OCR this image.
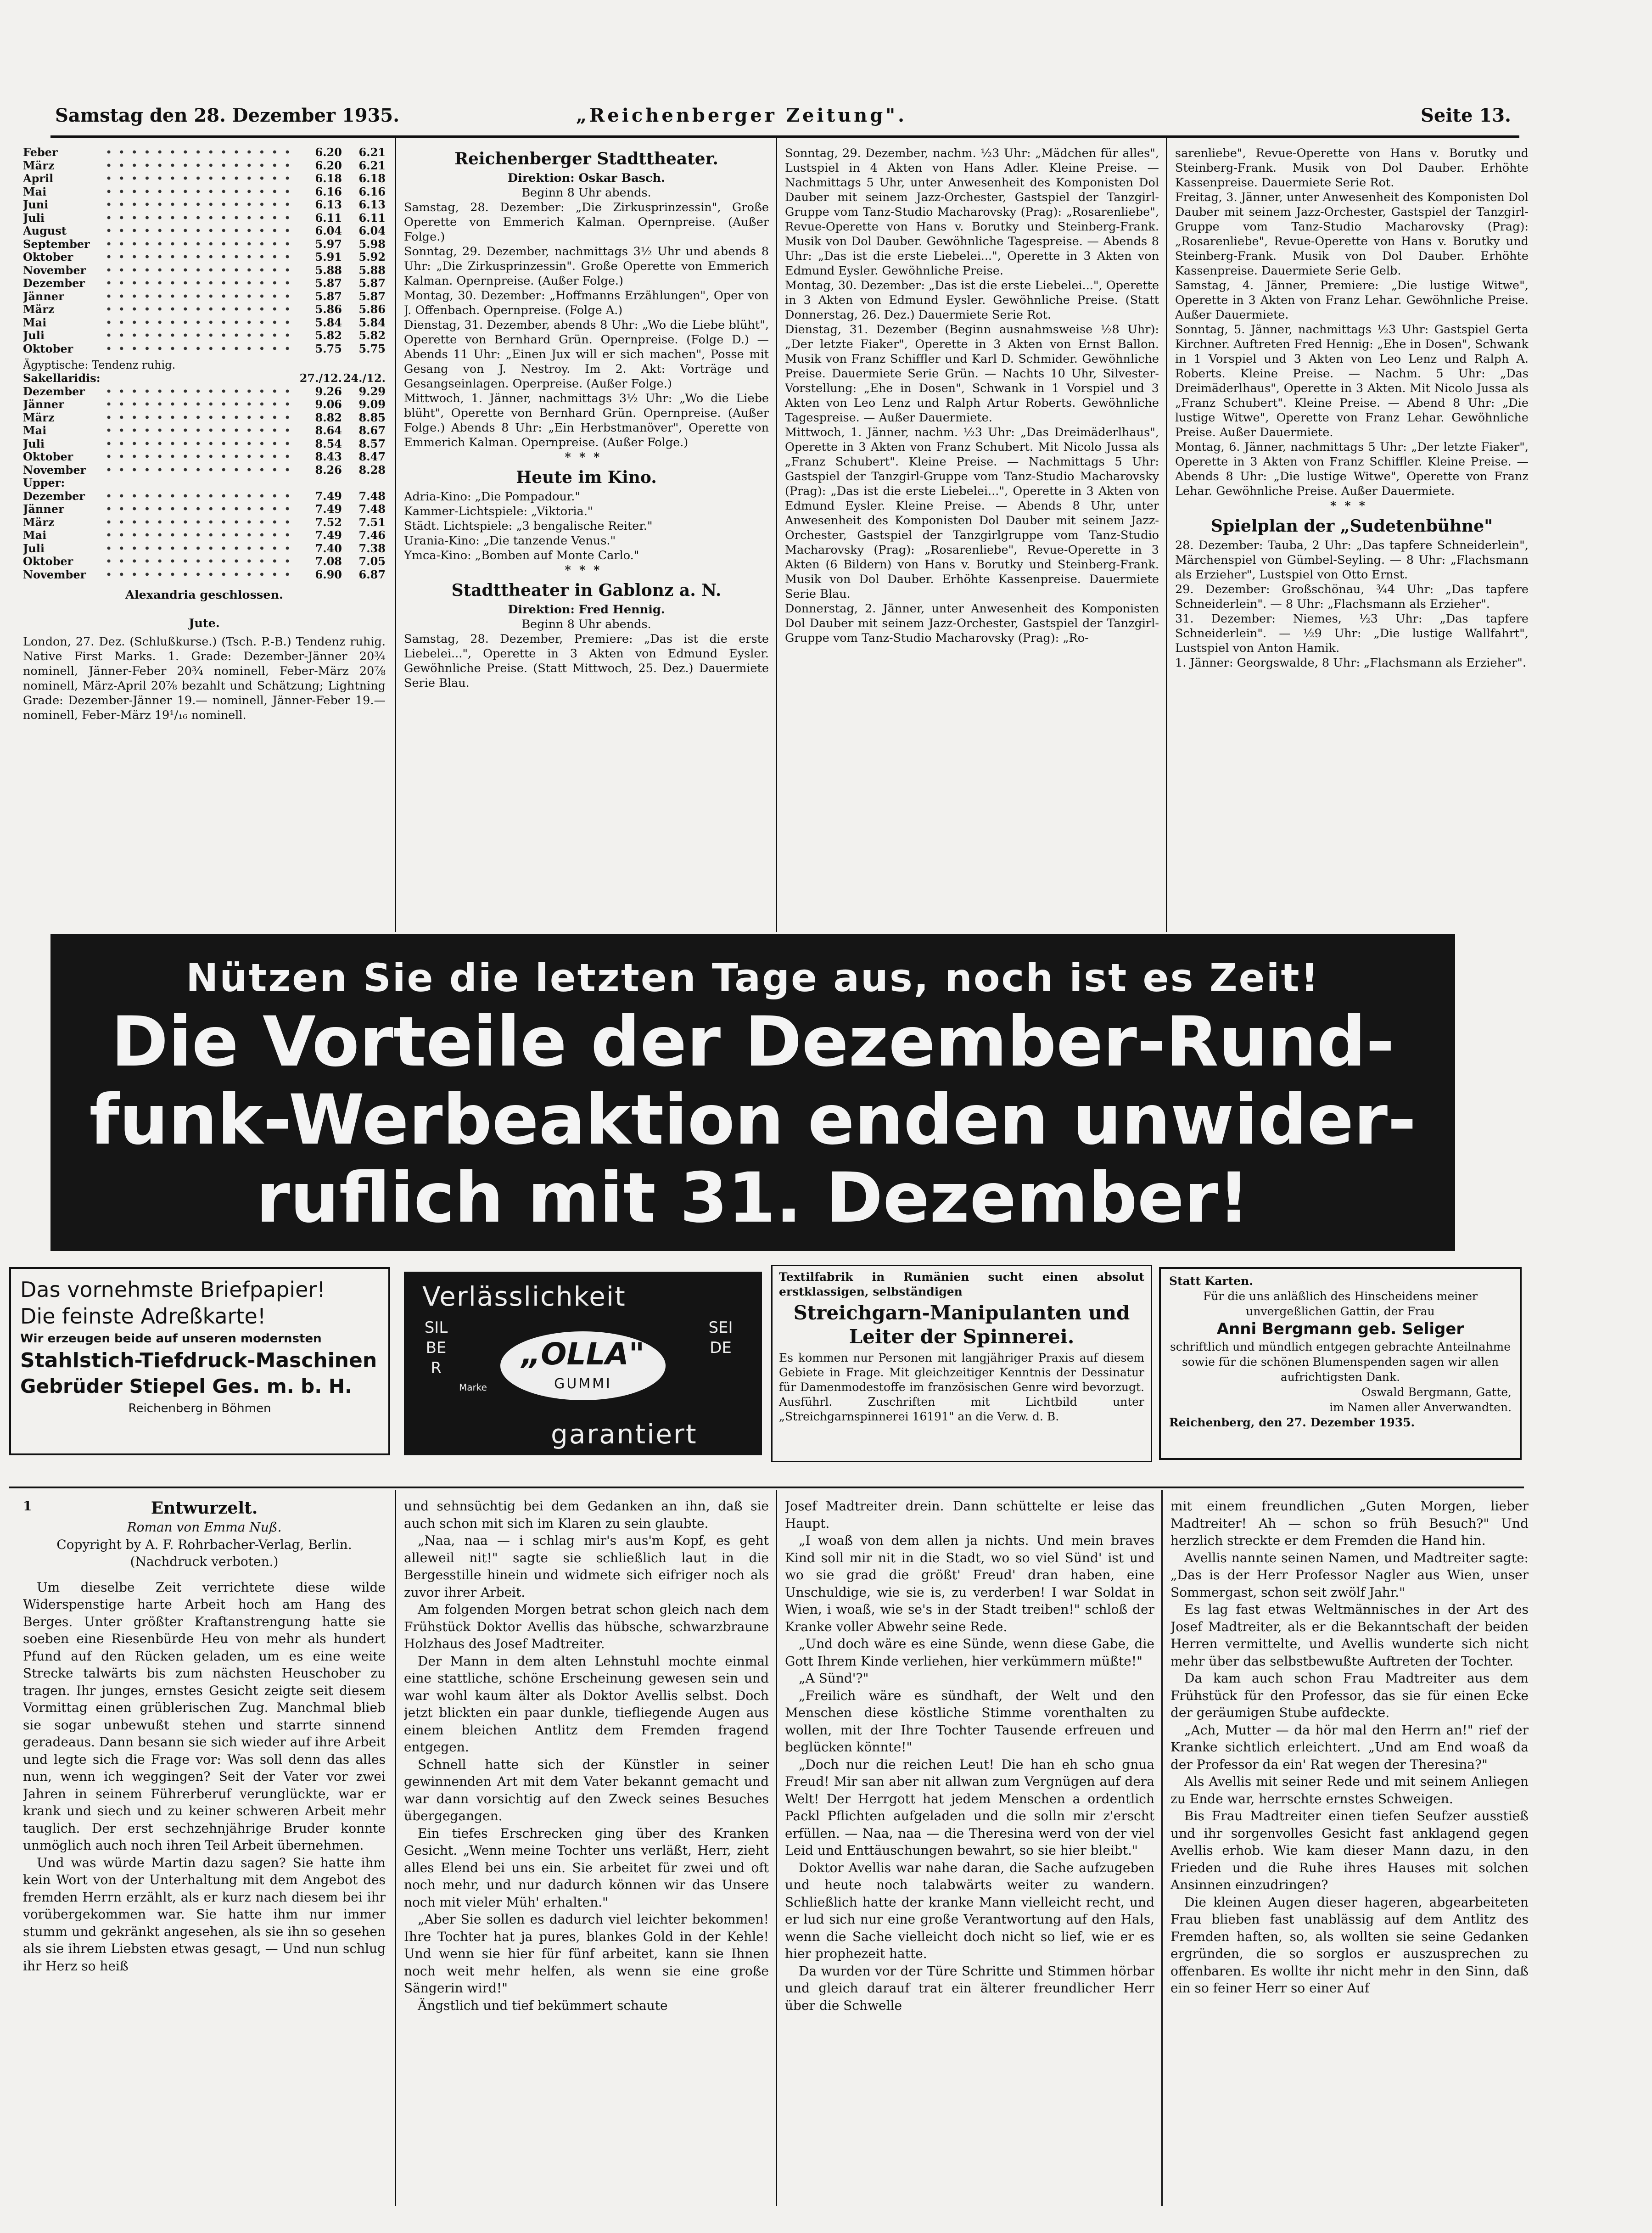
Samstag den 28. Dezember 1935.	„Reichenberger Zeitung".	Seite 13.
Feber • • •	6.20	6.21
März • • •	6.20	6.21
April • • •	6.18	6.18
Mai • • •	6.16	6.16
Juni • • •	6.13	6.13
Juli • • •	6.11	6.11
August • • •	6.04	6.04
September • • •	5.97	5.98
Oktober • • •	5.91	5.92
November • • •	5.88	5.88
Dezember • • •	5.87	5.87
Jänner • • •	5.87	5.87
März • • •	5.86	5.86
Mai • • •	5.84	5.84
Juli • • •	5.82	5.82
Oktober • • •	5.75	5.75
Ägyptische: Tendenz ruhig.
Sakellaridis:	27./12. 24./12.
Dezember • • •	9.26	9.29
Jänner • • •	9.06	9.09
März • • •	8.82	8.85
Mai • • •	8.64	8.67
Juli • • •	8.54	8.57
Oktober • • •	8.43	8.47
November • • •	8.26	8.28
Upper:
Dezember • • •	7.49	7.48
Jänner • • •	7.49	7.48
März • • •	7.52	7.51
Mai • • •	7.49	7.46
Juli • • •	7.40	7.38
Oktober • • •	7.08	7.05
November • • •	6.90	6.87
Alexandria geschlossen.
Jute.

London, 27. Dez. (Schlußkurse.) (Tsch. P.-B.) Tendenz ruhig. Native First Marks. 1. Grade: Dezember-Jänner 20¾ nominell, Jänner-Feber 20¾ nominell, Feber-März 20⅞ nominell, März-April 20⅞ bezahlt und Schätzung; Lightning Grade: Dezember-Jänner 19.— nominell, Jänner-Feber 19.— nominell, Feber-März 19¹/₁₆ nominell.

Reichenberger Stadttheater.
Direktion: Oskar Basch.
Beginn 8 Uhr abends.

Samstag, 28. Dezember: „Die Zirkusprinzessin", Große Operette von Emmerich Kalman. Opernpreise. (Außer Folge.)

Sonntag, 29. Dezember, nachmittags 3½ Uhr und abends 8 Uhr: „Die Zirkusprinzessin". Große Operette von Emmerich Kalman. Opernpreise. (Außer Folge.)

Montag, 30. Dezember: „Hoffmanns Erzählungen", Oper von J. Offenbach. Opernpreise. (Folge A.)

Dienstag, 31. Dezember, abends 8 Uhr: „Wo die Liebe blüht", Operette von Bernhard Grün. Opernpreise. (Folge D.) — Abends 11 Uhr: „Einen Jux will er sich machen", Posse mit Gesang von J. Nestroy. Im 2. Akt: Vorträge und Gesangseinlagen. Operpreise. (Außer Folge.)

Mittwoch, 1. Jänner, nachmittags 3½ Uhr: „Wo die Liebe blüht", Operette von Bernhard Grün. Opernpreise. (Außer Folge.) Abends 8 Uhr: „Ein Herbstmanöver", Operette von Emmerich Kalman. Opernpreise. (Außer Folge.)

***
Heute im Kino.

Adria-Kino: „Die Pompadour."

Kammer-Lichtspiele: „Viktoria."

Städt. Lichtspiele: „3 bengalische Reiter."

Urania-Kino: „Die tanzende Venus."

Ymca-Kino: „Bomben auf Monte Carlo."

***
Stadttheater in Gablonz a. N.
Direktion: Fred Hennig.
Beginn 8 Uhr abends.

Samstag, 28. Dezember, Premiere: „Das ist die erste Liebelei...", Operette in 3 Akten von Edmund Eysler. Gewöhnliche Preise. (Statt Mittwoch, 25. Dez.) Dauermiete Serie Blau.

Sonntag, 29. Dezember, nachm. ½3 Uhr: „Mädchen für alles", Lustspiel in 4 Akten von Hans Adler. Kleine Preise. — Nachmittags 5 Uhr, unter Anwesenheit des Komponisten Dol Dauber mit seinem Jazz-Orchester, Gastspiel der Tanzgirl-Gruppe vom Tanz-Studio Macharovsky (Prag): „Rosarenliebe", Revue-Operette von Hans v. Borutky und Steinberg-Frank. Musik von Dol Dauber. Gewöhnliche Tagespreise. — Abends 8 Uhr: „Das ist die erste Liebelei...", Operette in 3 Akten von Edmund Eysler. Gewöhnliche Preise.

Montag, 30. Dezember: „Das ist die erste Liebelei...", Operette in 3 Akten von Edmund Eysler. Gewöhnliche Preise. (Statt Donnerstag, 26. Dez.) Dauermiete Serie Rot.

Dienstag, 31. Dezember (Beginn ausnahmsweise ½8 Uhr): „Der letzte Fiaker", Operette in 3 Akten von Ernst Ballon. Musik von Franz Schiffler und Karl D. Schmider. Gewöhnliche Preise. Dauermiete Serie Grün. — Nachts 10 Uhr, Silvester-Vorstellung: „Ehe in Dosen", Schwank in 1 Vorspiel und 3 Akten von Leo Lenz und Ralph Artur Roberts. Gewöhnliche Tagespreise. — Außer Dauermiete.

Mittwoch, 1. Jänner, nachm. ½3 Uhr: „Das Dreimäderlhaus", Operette in 3 Akten von Franz Schubert. Mit Nicolo Jussa als „Franz Schubert". Kleine Preise. — Nachmittags 5 Uhr: Gastspiel der Tanzgirl-Gruppe vom Tanz-Studio Macharovsky (Prag): „Das ist die erste Liebelei...", Operette in 3 Akten von Edmund Eysler. Kleine Preise. — Abends 8 Uhr, unter Anwesenheit des Komponisten Dol Dauber mit seinem Jazz-Orchester, Gastspiel der Tanzgirlgruppe vom Tanz-Studio Macharovsky (Prag): „Rosarenliebe", Revue-Operette in 3 Akten (6 Bildern) von Hans v. Borutky und Steinberg-Frank. Musik von Dol Dauber. Erhöhte Kassenpreise. Dauermiete Serie Blau.

Donnerstag, 2. Jänner, unter Anwesenheit des Komponisten Dol Dauber mit seinem Jazz-Orchester, Gastspiel der Tanzgirl-Gruppe vom Tanz-Studio Macharovsky (Prag): „Ro-

sarenliebe", Revue-Operette von Hans v. Borutky und Steinberg-Frank. Musik von Dol Dauber. Erhöhte Kassenpreise. Dauermiete Serie Rot.

Freitag, 3. Jänner, unter Anwesenheit des Komponisten Dol Dauber mit seinem Jazz-Orchester, Gastspiel der Tanzgirl-Gruppe vom Tanz-Studio Macharovsky (Prag): „Rosarenliebe", Revue-Operette von Hans v. Borutky und Steinberg-Frank. Musik von Dol Dauber. Erhöhte Kassenpreise. Dauermiete Serie Gelb.

Samstag, 4. Jänner, Premiere: „Die lustige Witwe", Operette in 3 Akten von Franz Lehar. Gewöhnliche Preise. Außer Dauermiete.

Sonntag, 5. Jänner, nachmittags ½3 Uhr: Gastspiel Gerta Kirchner. Auftreten Fred Hennig: „Ehe in Dosen", Schwank in 1 Vorspiel und 3 Akten von Leo Lenz und Ralph A. Roberts. Kleine Preise. — Nachm. 5 Uhr: „Das Dreimäderlhaus", Operette in 3 Akten. Mit Nicolo Jussa als „Franz Schubert". Kleine Preise. — Abend 8 Uhr: „Die lustige Witwe", Operette von Franz Lehar. Gewöhnliche Preise. Außer Dauermiete.

Montag, 6. Jänner, nachmittags 5 Uhr: „Der letzte Fiaker", Operette in 3 Akten von Franz Schiffler. Kleine Preise. — Abends 8 Uhr: „Die lustige Witwe", Operette von Franz Lehar. Gewöhnliche Preise. Außer Dauermiete.

***
Spielplan der „Sudetenbühne"

28. Dezember: Tauba, 2 Uhr: „Das tapfere Schneiderlein", Märchenspiel von Gümbel-Seyling. — 8 Uhr: „Flachsmann als Erzieher", Lustspiel von Otto Ernst.

29. Dezember: Großschönau, ¾4 Uhr: „Das tapfere Schneiderlein". — 8 Uhr: „Flachsmann als Erzieher".

31. Dezember: Niemes, ½3 Uhr: „Das tapfere Schneiderlein". — ½9 Uhr: „Die lustige Wallfahrt", Lustspiel von Anton Hamik.

1. Jänner: Georgswalde, 8 Uhr: „Flachsmann als Erzieher".

Nützen Sie die letzten Tage aus, noch ist es Zeit!
Die Vorteile der Dezember-Rund-
funk-Werbeaktion enden unwider-
ruflich mit 31. Dezember!
Das vornehmste Briefpapier!
Die feinste Adreßkarte!
Wir erzeugen beide auf unseren modernsten
Stahlstich-Tiefdruck-Maschinen
Gebrüder Stiepel Ges. m. b. H.
Reichenberg in Böhmen
Verlässlichkeit
SILBER	„OLLA"
GUMMI
Marke
SEIDE
garantiert

Textilfabrik in Rumänien sucht einen absolut erstklassigen, selbständigen

Streichgarn-Manipulanten und Leiter der Spinnerei.

Es kommen nur Personen mit langjähriger Praxis auf diesem Gebiete in Frage. Mit gleichzeitiger Kenntnis der Dessinatur für Damenmodestoffe im französischen Genre wird bevorzugt. Ausführl. Zuschriften mit Lichtbild unter „Streichgarnspinnerei 16191" an die Verw. d. B.

Statt Karten.
Für die uns anläßlich des Hinscheidens meiner unvergeßlichen Gattin, der Frau
Anni Bergmann geb. Seliger
schriftlich und mündlich entgegen gebrachte Anteilnahme sowie für die schönen Blumenspenden sagen wir allen aufrichtigsten Dank.
Oswald Bergmann, Gatte,
im Namen aller Anverwandten.
Reichenberg, den 27. Dezember 1935.
1	Entwurzelt.
Roman von Emma Nuß.
Copyright by A. F. Rohrbacher-Verlag, Berlin.
(Nachdruck verboten.)

Um dieselbe Zeit verrichtete diese wilde Widerspenstige harte Arbeit hoch am Hang des Berges. Unter größter Kraftanstrengung hatte sie soeben eine Riesenbürde Heu von mehr als hundert Pfund auf den Rücken geladen, um es eine weite Strecke talwärts bis zum nächsten Heuschober zu tragen. Ihr junges, ernstes Gesicht zeigte seit diesem Vormittag einen grüblerischen Zug. Manchmal blieb sie sogar unbewußt stehen und starrte sinnend geradeaus. Dann besann sie sich wieder auf ihre Arbeit und legte sich die Frage vor: Was soll denn das alles nun, wenn ich weggingen? Seit der Vater vor zwei Jahren in seinem Führerberuf verunglückte, war er krank und siech und zu keiner schweren Arbeit mehr tauglich. Der erst sechzehnjährige Bruder konnte unmöglich auch noch ihren Teil Arbeit übernehmen.

Und was würde Martin dazu sagen? Sie hatte ihm kein Wort von der Unterhaltung mit dem Angebot des fremden Herrn erzählt, als er kurz nach diesem bei ihr vorübergekommen war. Sie hatte ihm nur immer stumm und gekränkt angesehen, als sie ihn so gesehen als sie ihrem Liebsten etwas gesagt, — Und nun schlug ihr Herz so heiß

und sehnsüchtig bei dem Gedanken an ihn, daß sie auch schon mit sich im Klaren zu sein glaubte.

„Naa, naa — i schlag mir's aus'm Kopf, es geht alleweil nit!" sagte sie schließlich laut in die Bergesstille hinein und widmete sich eifriger noch als zuvor ihrer Arbeit.

Am folgenden Morgen betrat schon gleich nach dem Frühstück Doktor Avellis das hübsche, schwarzbraune Holzhaus des Josef Madtreiter.

Der Mann in dem alten Lehnstuhl mochte einmal eine stattliche, schöne Erscheinung gewesen sein und war wohl kaum älter als Doktor Avellis selbst. Doch jetzt blickten ein paar dunkle, tiefliegende Augen aus einem bleichen Antlitz dem Fremden fragend entgegen.

Schnell hatte sich der Künstler in seiner gewinnenden Art mit dem Vater bekannt gemacht und war dann vorsichtig auf den Zweck seines Besuches übergegangen.

Ein tiefes Erschrecken ging über des Kranken Gesicht. „Wenn meine Tochter uns verläßt, Herr, zieht alles Elend bei uns ein. Sie arbeitet für zwei und oft noch mehr, und nur dadurch können wir das Unsere noch mit vieler Müh' erhalten."

„Aber Sie sollen es dadurch viel leichter bekommen! Ihre Tochter hat ja pures, blankes Gold in der Kehle! Und wenn sie hier für fünf arbeitet, kann sie Ihnen noch weit mehr helfen, als wenn sie eine große Sängerin wird!"

Ängstlich und tief bekümmert schaute

Josef Madtreiter drein. Dann schüttelte er leise das Haupt.

„I woaß von dem allen ja nichts. Und mein braves Kind soll mir nit in die Stadt, wo so viel Sünd' ist und wo sie grad die größt' Freud' dran haben, eine Unschuldige, wie sie is, zu verderben! I war Soldat in Wien, i woaß, wie se's in der Stadt treiben!" schloß der Kranke voller Abwehr seine Rede.

„Und doch wäre es eine Sünde, wenn diese Gabe, die Gott Ihrem Kinde verliehen, hier verkümmern müßte!"

„A Sünd'?"

„Freilich wäre es sündhaft, der Welt und den Menschen diese köstliche Stimme vorenthalten zu wollen, mit der Ihre Tochter Tausende erfreuen und beglücken könnte!"

„Doch nur die reichen Leut! Die han eh scho gnua Freud! Mir san aber nit allwan zum Vergnügen auf dera Welt! Der Herrgott hat jedem Menschen a ordentlich Packl Pflichten aufgeladen und die solln mir z'erscht erfüllen. — Naa, naa — die Theresina werd von der viel Leid und Enttäuschungen bewahrt, so sie hier bleibt."

Doktor Avellis war nahe daran, die Sache aufzugeben und heute noch talabwärts weiter zu wandern. Schließlich hatte der kranke Mann vielleicht recht, und er lud sich nur eine große Verantwortung auf den Hals, wenn die Sache vielleicht doch nicht so lief, wie er es hier prophezeit hatte.

Da wurden vor der Türe Schritte und Stimmen hörbar und gleich darauf trat ein älterer freundlicher Herr über die Schwelle

mit einem freundlichen „Guten Morgen, lieber Madtreiter! Ah — schon so früh Besuch?" Und herzlich streckte er dem Fremden die Hand hin.

Avellis nannte seinen Namen, und Madtreiter sagte: „Das is der Herr Professor Nagler aus Wien, unser Sommergast, schon seit zwölf Jahr."

Es lag fast etwas Weltmännisches in der Art des Josef Madtreiter, als er die Bekanntschaft der beiden Herren vermittelte, und Avellis wunderte sich nicht mehr über das selbstbewußte Auftreten der Tochter.

Da kam auch schon Frau Madtreiter aus dem Frühstück für den Professor, das sie für einen Ecke der geräumigen Stube aufdeckte.

„Ach, Mutter — da hör mal den Herrn an!" rief der Kranke sichtlich erleichtert. „Und am End woaß da der Professor da ein' Rat wegen der Theresina?"

Als Avellis mit seiner Rede und mit seinem Anliegen zu Ende war, herrschte ernstes Schweigen.

Bis Frau Madtreiter einen tiefen Seufzer ausstieß und ihr sorgenvolles Gesicht fast anklagend gegen Avellis erhob. Wie kam dieser Mann dazu, in den Frieden und die Ruhe ihres Hauses mit solchen Ansinnen einzudringen?

Die kleinen Augen dieser hageren, abgearbeiteten Frau blieben fast unablässig auf dem Antlitz des Fremden haften, so, als wollten sie seine Gedanken ergründen, die so sorglos er auszusprechen zu offenbaren. Es wollte ihr nicht mehr in den Sinn, daß ein so feiner Herr so einer Auf
